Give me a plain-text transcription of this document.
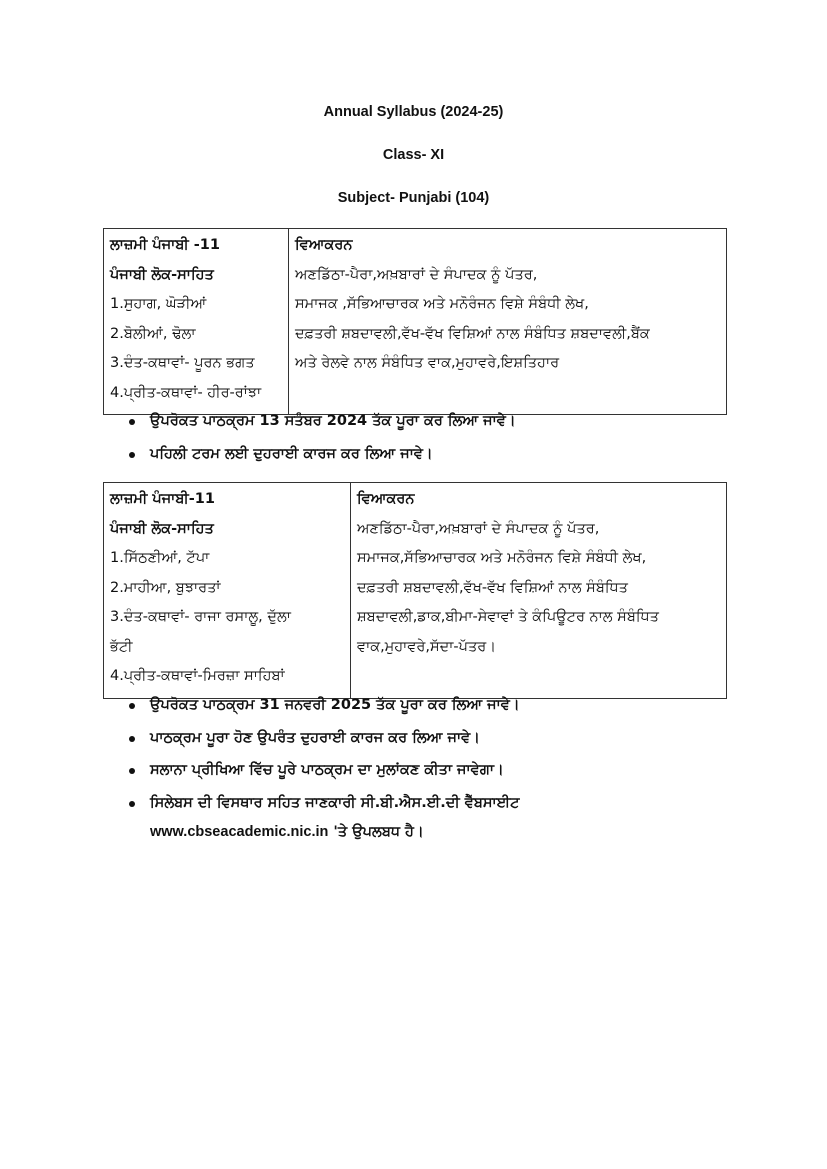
Annual Syllabus (2024-25)
Class- XI
Subject- Punjabi (104)
ਲਾਜ਼ਮੀ ਪੰਜਾਬੀ -11
ਪੰਜਾਬੀ ਲੋਕ-ਸਾਹਿਤ
1.ਸੁਹਾਗ, ਘੋੜੀਆਂ
2.ਬੋਲੀਆਂ, ਢੋਲਾ
3.ਦੰਤ-ਕਥਾਵਾਂ- ਪੂਰਨ ਭਗਤ
4.ਪ੍ਰੀਤ-ਕਥਾਵਾਂ- ਹੀਰ-ਰਾਂਝਾ

ਵਿਆਕਰਨ
ਅਣਡਿੱਠਾ-ਪੈਰਾ,ਅਖ਼ਬਾਰਾਂ ਦੇ ਸੰਪਾਦਕ ਨੂੰ ਪੱਤਰ,
ਸਮਾਜਕ ,ਸੱਭਿਆਚਾਰਕ ਅਤੇ ਮਨੋਰੰਜਨ ਵਿਸ਼ੇ ਸੰਬੰਧੀ ਲੇਖ,
ਦਫ਼ਤਰੀ ਸ਼ਬਦਾਵਲੀ,ਵੱਖ-ਵੱਖ ਵਿਸ਼ਿਆਂ ਨਾਲ ਸੰਬੰਧਿਤ ਸ਼ਬਦਾਵਲੀ,ਬੈਂਕ
ਅਤੇ ਰੇਲਵੇ ਨਾਲ ਸੰਬੰਧਿਤ ਵਾਕ,ਮੁਹਾਵਰੇ,ਇਸ਼ਤਿਹਾਰ
ਉਪਰੋਕਤ ਪਾਠਕ੍ਰਮ 13 ਸਤੰਬਰ 2024 ਤੱਕ ਪੂਰਾ ਕਰ ਲਿਆ ਜਾਵੇ।
ਪਹਿਲੀ ਟਰਮ ਲਈ ਦੁਹਰਾਈ ਕਾਰਜ ਕਰ ਲਿਆ ਜਾਵੇ।
ਲਾਜ਼ਮੀ ਪੰਜਾਬੀ-11
ਪੰਜਾਬੀ ਲੋਕ-ਸਾਹਿਤ
1.ਸਿੱਠਣੀਆਂ, ਟੱਪਾ
2.ਮਾਹੀਆ, ਬੁਝਾਰਤਾਂ
3.ਦੰਤ-ਕਥਾਵਾਂ- ਰਾਜਾ ਰਸਾਲੂ, ਦੁੱਲਾ
ਭੱਟੀ
4.ਪ੍ਰੀਤ-ਕਥਾਵਾਂ-ਮਿਰਜ਼ਾ ਸਾਹਿਬਾਂ

ਵਿਆਕਰਨ
ਅਣਡਿੱਠਾ-ਪੈਰਾ,ਅਖ਼ਬਾਰਾਂ ਦੇ ਸੰਪਾਦਕ ਨੂੰ ਪੱਤਰ,
ਸਮਾਜਕ,ਸੱਭਿਆਚਾਰਕ ਅਤੇ ਮਨੋਰੰਜਨ ਵਿਸ਼ੇ ਸੰਬੰਧੀ ਲੇਖ,
ਦਫ਼ਤਰੀ ਸ਼ਬਦਾਵਲੀ,ਵੱਖ-ਵੱਖ ਵਿਸ਼ਿਆਂ ਨਾਲ ਸੰਬੰਧਿਤ
ਸ਼ਬਦਾਵਲੀ,ਡਾਕ,ਬੀਮਾ-ਸੇਵਾਵਾਂ ਤੇ ਕੰਪਿਊਟਰ ਨਾਲ ਸੰਬੰਧਿਤ
ਵਾਕ,ਮੁਹਾਵਰੇ,ਸੱਦਾ-ਪੱਤਰ।
ਉਪਰੋਕਤ ਪਾਠਕ੍ਰਮ 31 ਜਨਵਰੀ 2025 ਤੱਕ ਪੂਰਾ ਕਰ ਲਿਆ ਜਾਵੇ।
ਪਾਠਕ੍ਰਮ ਪੂਰਾ ਹੋਣ ਉਪਰੰਤ ਦੁਹਰਾਈ ਕਾਰਜ ਕਰ ਲਿਆ ਜਾਵੇ।
ਸਲਾਨਾ ਪ੍ਰੀਖਿਆ ਵਿੱਚ ਪੂਰੇ ਪਾਠਕ੍ਰਮ ਦਾ ਮੁਲਾਂਕਣ ਕੀਤਾ ਜਾਵੇਗਾ।
ਸਿਲੇਬਸ ਦੀ ਵਿਸਥਾਰ ਸਹਿਤ ਜਾਣਕਾਰੀ ਸੀ.ਬੀ.ਐਸ.ਈ.ਦੀ ਵੈੱਬਸਾਈਟ
www.cbseacademic.nic.in 'ਤੇ ਉਪਲਬਧ ਹੈ।
